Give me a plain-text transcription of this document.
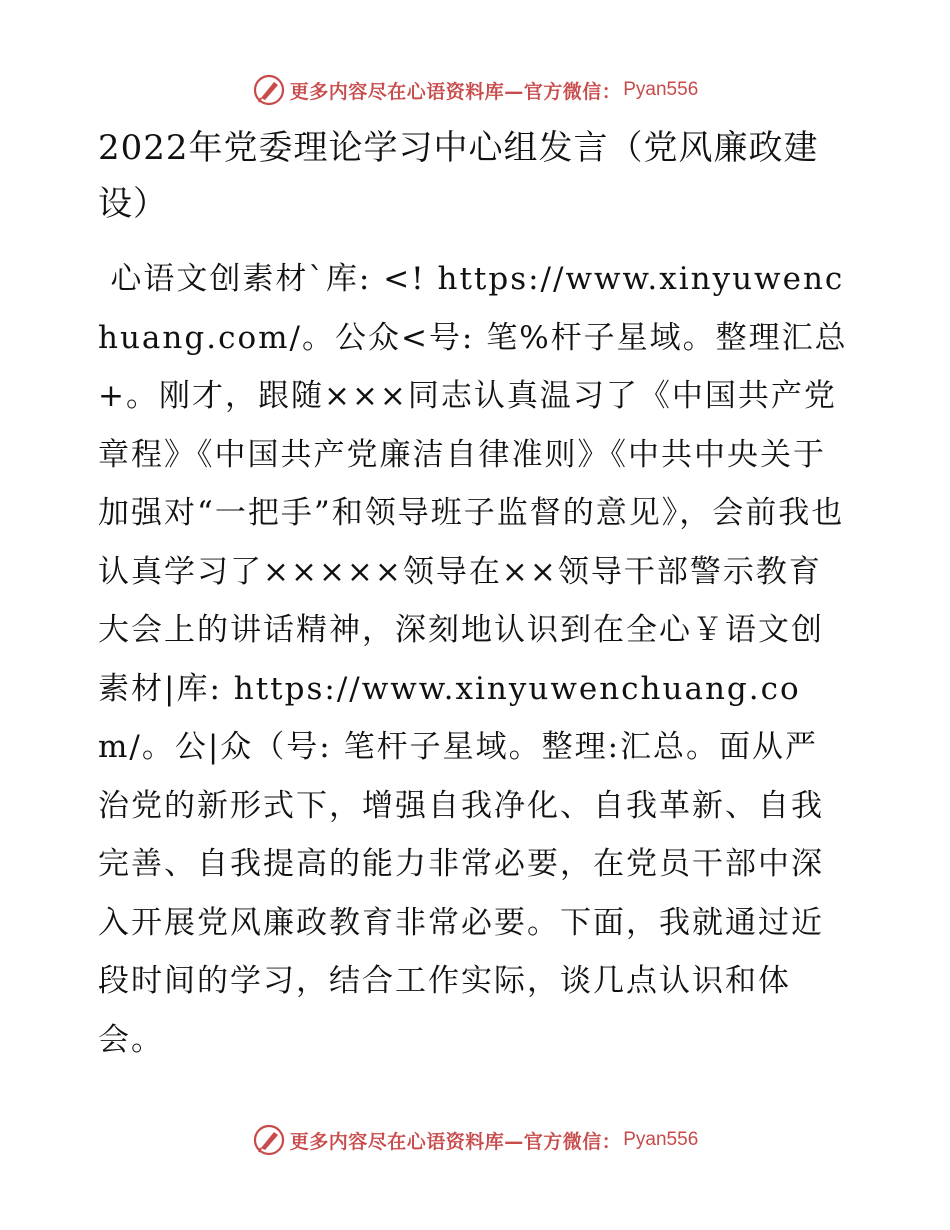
更多内容尽在心语资料库—官方微信： Pyan556
2022年党委理论学习中心组发言（党风廉政建设）

心语文创素材`库: <! https://www.xinyuwenchuang.com/。公众<号: 笔%杆子星域。整理汇总+。刚才，跟随×××同志认真温习了《中国共产党章程》《中国共产党廉洁自律准则》《中共中央关于加强对“一把手”和领导班子监督的意见》，会前我也认真学习了×××××领导在××领导干部警示教育大会上的讲话精神，深刻地认识到在全心￥语文创素材|库: https://www.xinyuwenchuang.com/。公|众（号: 笔杆子星域。整理:汇总。面从严治党的新形式下，增强自我净化、自我革新、自我完善、自我提高的能力非常必要，在党员干部中深入开展党风廉政教育非常必要。下面，我就通过近段时间的学习，结合工作实际，谈几点认识和体会。

更多内容尽在心语资料库—官方微信： Pyan556
